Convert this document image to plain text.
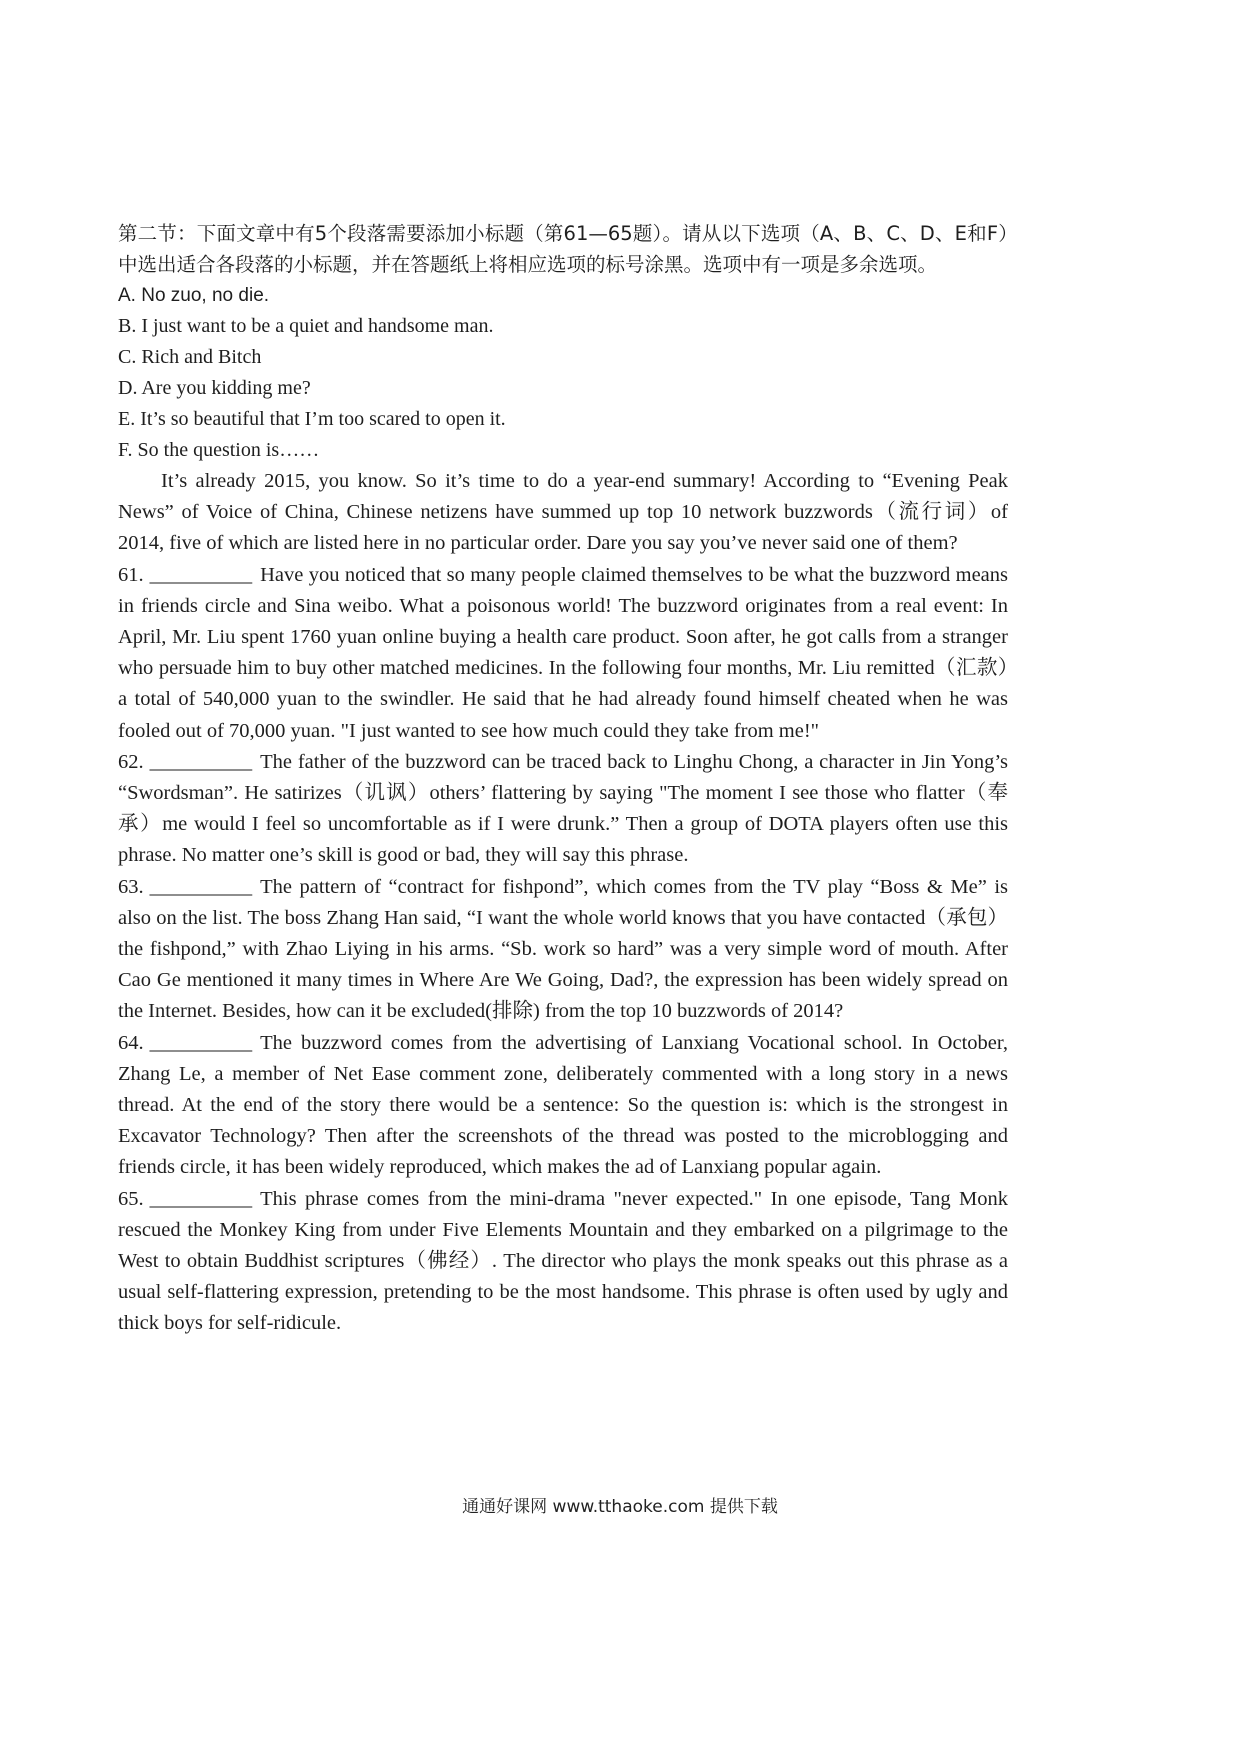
第二节：下面文章中有5个段落需要添加小标题（第61—65题）。请从以下选项（A、B、C、D、E和F）中选出适合各段落的小标题，并在答题纸上将相应选项的标号涂黑。选项中有一项是多余选项。

A. No zuo, no die.
B. I just want to be a quiet and handsome man.
C. Rich and Bitch
D. Are you kidding me?
E. It’s so beautiful that I’m too scared to open it.
F. So the question is……

It’s already 2015, you know. So it’s time to do a year-end summary! According to “Evening Peak News” of Voice of China, Chinese netizens have summed up top 10 network buzzwords（流行词）of 2014, five of which are listed here in no particular order. Dare you say you’ve never said one of them?

61. __________ Have you noticed that so many people claimed themselves to be what the buzzword means in friends circle and Sina weibo. What a poisonous world! The buzzword originates from a real event: In April, Mr. Liu spent 1760 yuan online buying a health care product. Soon after, he got calls from a stranger who persuade him to buy other matched medicines. In the following four months, Mr. Liu remitted（汇款）a total of 540,000 yuan to the swindler. He said that he had already found himself cheated when he was fooled out of 70,000 yuan. "I just wanted to see how much could they take from me!"

62. __________ The father of the buzzword can be traced back to Linghu Chong, a character in Jin Yong’s “Swordsman”. He satirizes（讥讽）others’ flattering by saying "The moment I see those who flatter（奉承）me would I feel so uncomfortable as if I were drunk.” Then a group of DOTA players often use this phrase. No matter one’s skill is good or bad, they will say this phrase.

63. __________ The pattern of “contract for fishpond”, which comes from the TV play “Boss & Me” is also on the list. The boss Zhang Han said, “I want the whole world knows that you have contacted（承包）the fishpond,” with Zhao Liying in his arms. “Sb. work so hard” was a very simple word of mouth. After Cao Ge mentioned it many times in Where Are We Going, Dad?, the expression has been widely spread on the Internet. Besides, how can it be excluded(排除) from the top 10 buzzwords of 2014?

64. __________ The buzzword comes from the advertising of Lanxiang Vocational school. In October, Zhang Le, a member of Net Ease comment zone, deliberately commented with a long story in a news thread. At the end of the story there would be a sentence: So the question is: which is the strongest in Excavator Technology? Then after the screenshots of the thread was posted to the microblogging and friends circle, it has been widely reproduced, which makes the ad of Lanxiang popular again.

65. __________ This phrase comes from the mini-drama "never expected." In one episode, Tang Monk rescued the Monkey King from under Five Elements Mountain and they embarked on a pilgrimage to the West to obtain Buddhist scriptures（佛经）. The director who plays the monk speaks out this phrase as a usual self-flattering expression, pretending to be the most handsome. This phrase is often used by ugly and thick boys for self-ridicule.

通通好课网 www.tthaoke.com 提供下载
